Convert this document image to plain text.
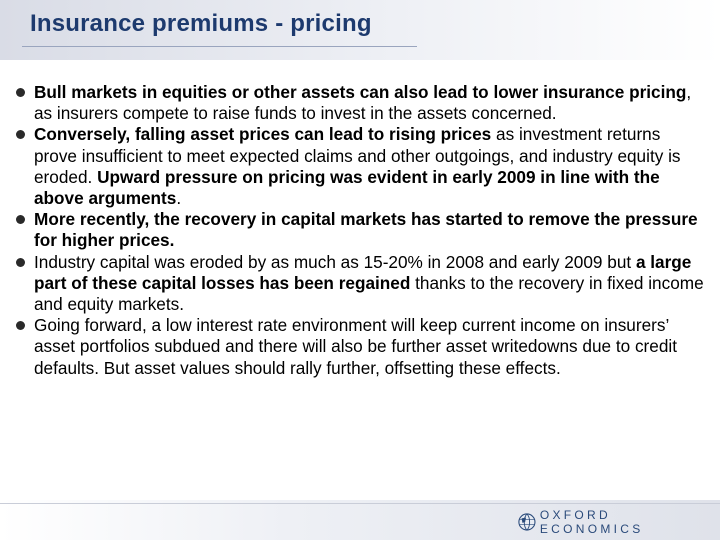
Insurance premiums - pricing
Bull markets in equities or other assets can also lead to lower insurance pricing, as insurers compete to raise funds to invest in the assets concerned.
Conversely, falling asset prices can lead to rising prices as investment returns prove insufficient to meet expected claims and other outgoings, and industry equity is eroded. Upward pressure on pricing was evident in early 2009 in line with the above arguments.
More recently, the recovery in capital markets has started to remove the pressure for higher prices.
Industry capital was eroded by as much as 15-20% in 2008 and early 2009 but a large part of these capital losses has been regained thanks to the recovery in fixed income and equity markets.
Going forward, a low interest rate environment will keep current income on insurers’ asset portfolios subdued and there will also be further asset writedowns due to credit defaults. But asset values should rally further, offsetting these effects.
OXFORD ECONOMICS
